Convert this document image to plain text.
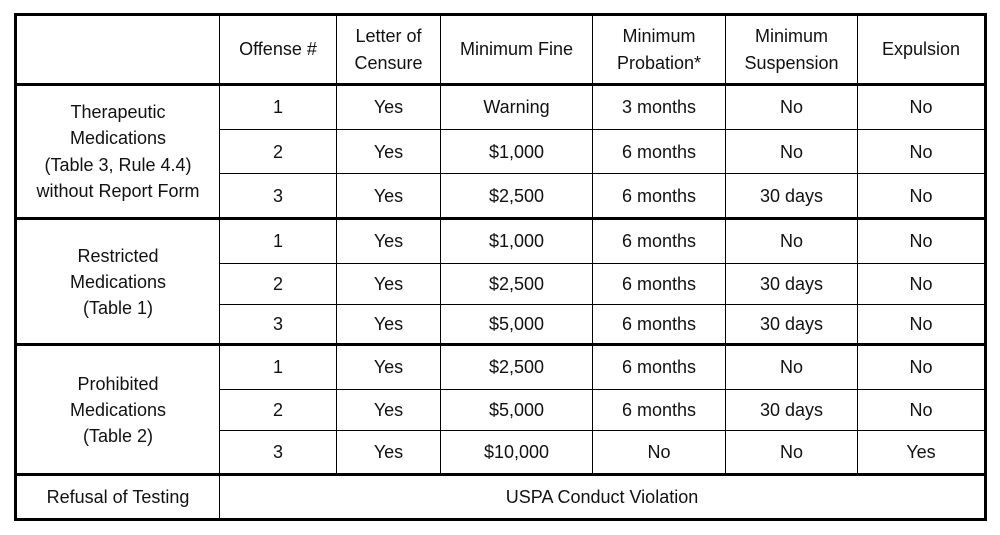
	Offense #	Letter of Censure	Minimum Fine	Minimum Probation*	Minimum Suspension	Expulsion

Therapeutic
Medications
(Table 3, Rule 4.4)
without Report Form	1	Yes	Warning	3 months	No	No
	2	Yes	$1,000	6 months	No	No
	3	Yes	$2,500	6 months	30 days	No

Restricted
Medications
(Table 1)	1	Yes	$1,000	6 months	No	No
	2	Yes	$2,500	6 months	30 days	No
	3	Yes	$5,000	6 months	30 days	No

Prohibited
Medications
(Table 2)	1	Yes	$2,500	6 months	No	No
	2	Yes	$5,000	6 months	30 days	No
	3	Yes	$10,000	No	No	Yes
Refusal of Testing	USPA Conduct Violation					
